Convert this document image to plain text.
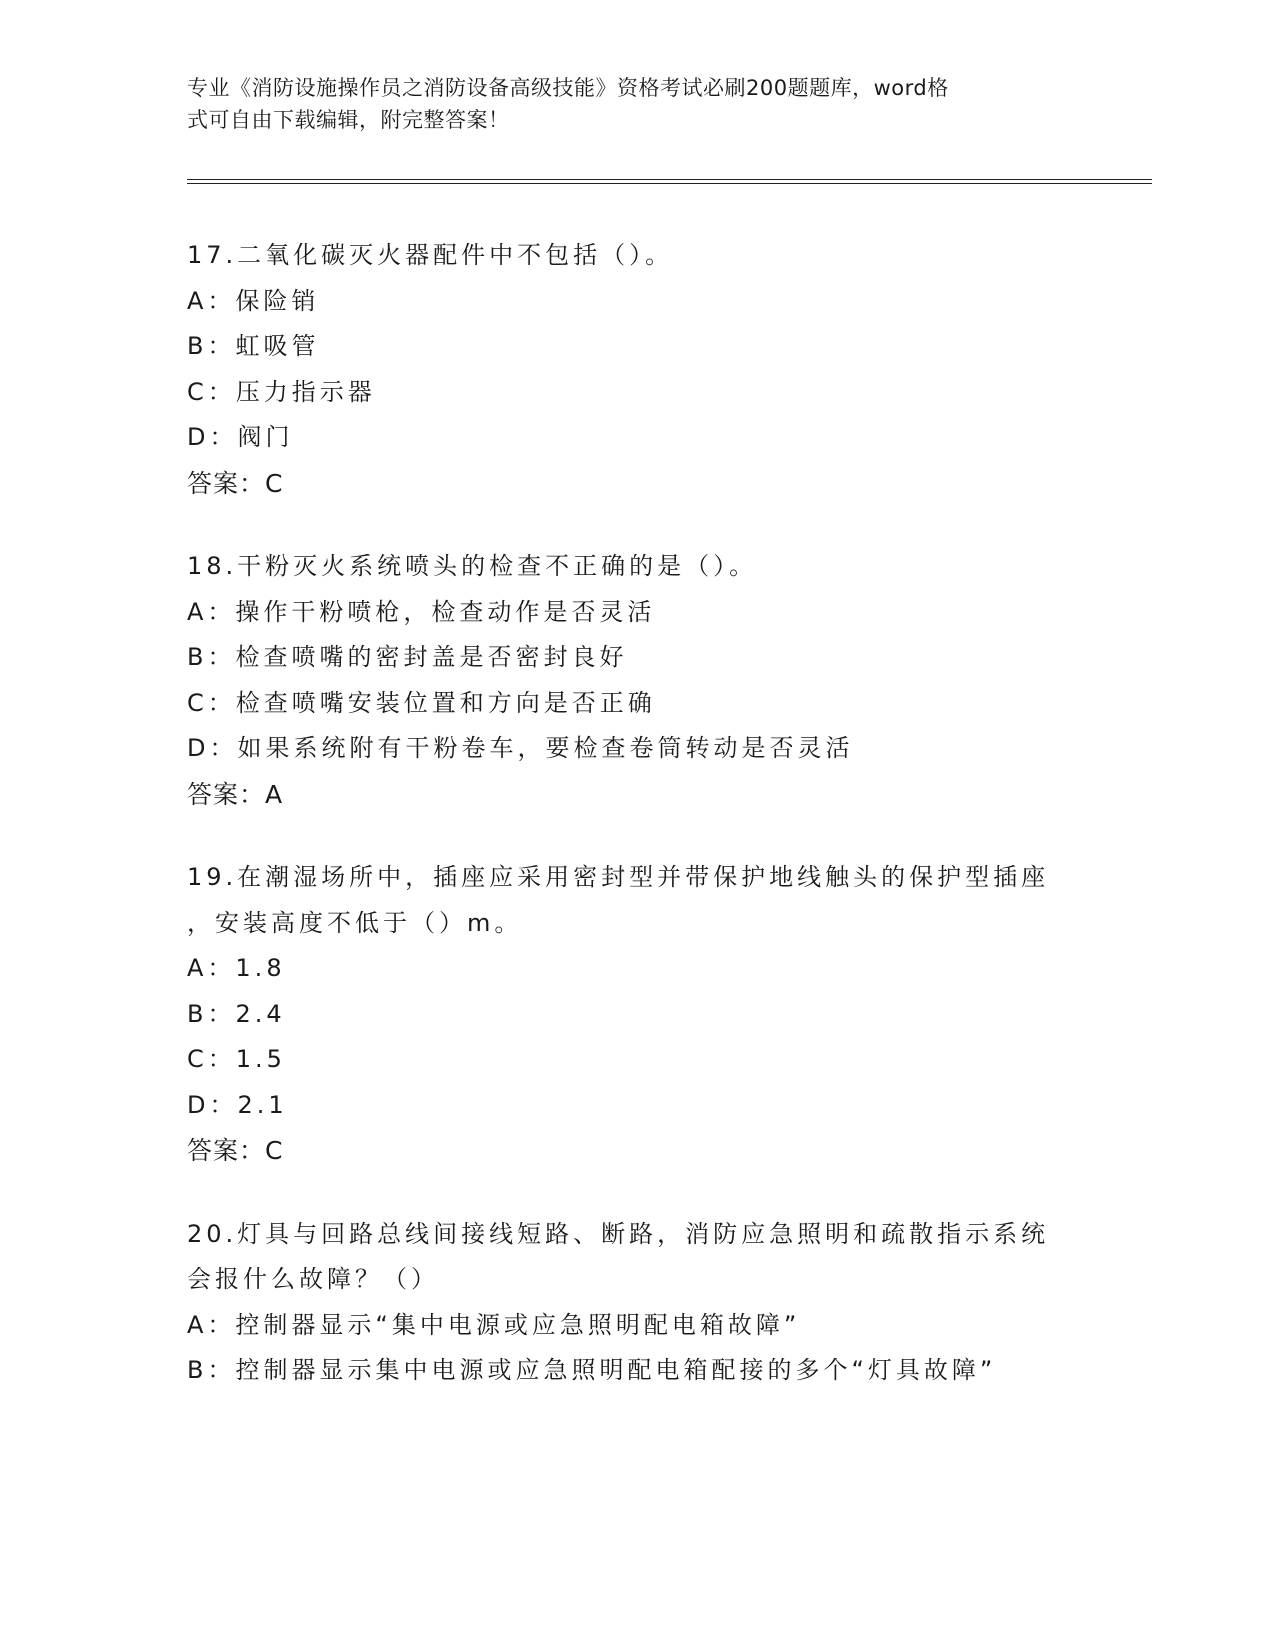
专业《消防设施操作员之消防设备高级技能》资格考试必刷200题题库，word格
式可自由下载编辑，附完整答案！
17.二氧化碳灭火器配件中不包括（）。
A：保险销
B：虹吸管
C：压力指示器
D：阀门
答案：C
18.干粉灭火系统喷头的检查不正确的是（）。
A：操作干粉喷枪，检查动作是否灵活
B：检查喷嘴的密封盖是否密封良好
C：检查喷嘴安装位置和方向是否正确
D：如果系统附有干粉卷车，要检查卷筒转动是否灵活
答案：A
19.在潮湿场所中，插座应采用密封型并带保护地线触头的保护型插座
，安装高度不低于（）m。
A：1.8
B：2.4
C：1.5
D：2.1
答案：C
20.灯具与回路总线间接线短路、断路，消防应急照明和疏散指示系统
会报什么故障？（）
A：控制器显示“集中电源或应急照明配电箱故障”
B：控制器显示集中电源或应急照明配电箱配接的多个“灯具故障”
